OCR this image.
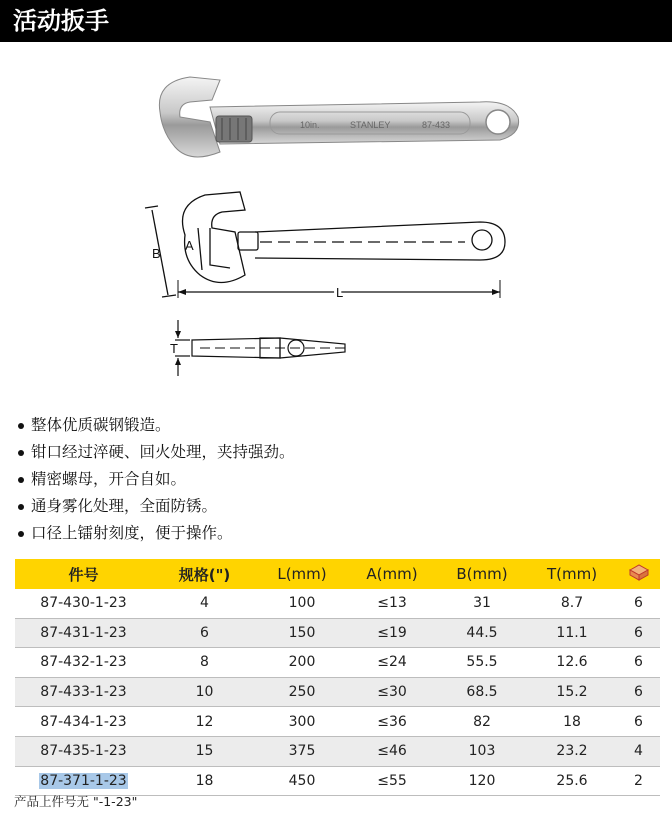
活动扳手
10in.	STANLEY	87-433
B
A
L
T
整体优质碳钢锻造。
钳口经过淬硬、回火处理，夹持强劲。
精密螺母，开合自如。
通身雾化处理，全面防锈。
口径上镭射刻度，便于操作。
件号	规格(")	L(mm)	A(mm)	B(mm)	T(mm)	
87-430-1-23	4	100	≤13	31	8.7	6
87-431-1-23	6	150	≤19	44.5	11.1	6
87-432-1-23	8	200	≤24	55.5	12.6	6
87-433-1-23	10	250	≤30	68.5	15.2	6
87-434-1-23	12	300	≤36	82	18	6
87-435-1-23	15	375	≤46	103	23.2	4
87-371-1-23	18	450	≤55	120	25.6	2
产品上件号无 "-1-23"
